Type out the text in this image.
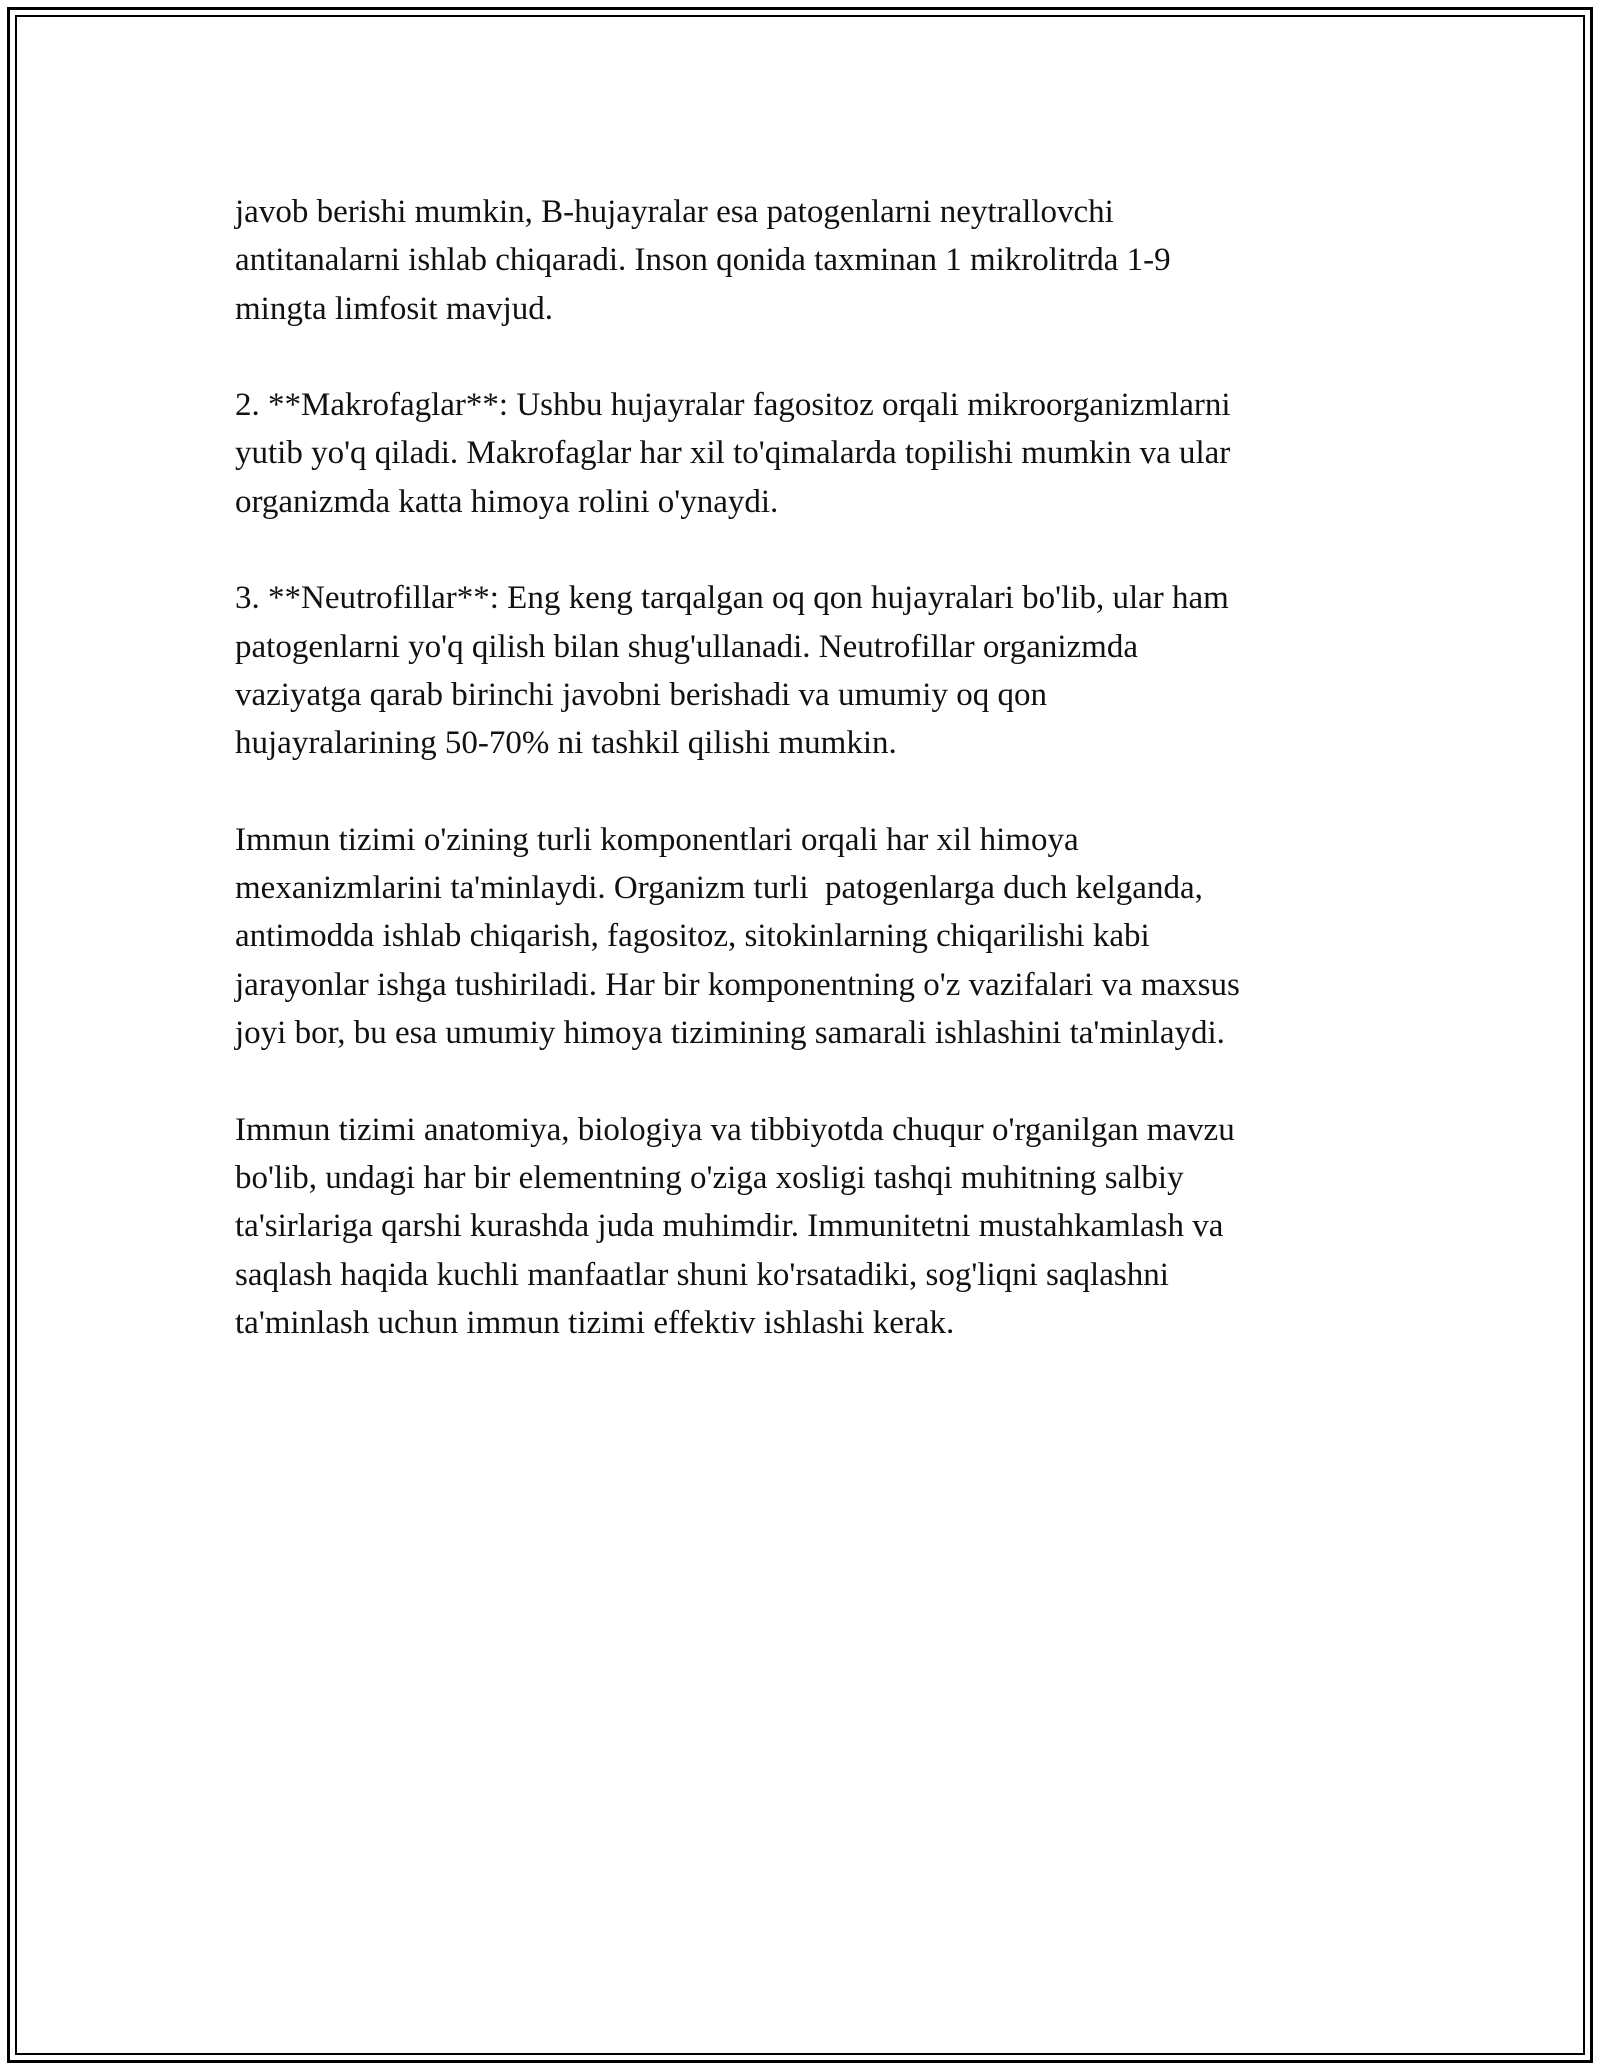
javob berishi mumkin, B-hujayralar esa patogenlarni neytrallovchi
antitanalarni ishlab chiqaradi. Inson qonida taxminan 1 mikrolitrda 1-9
mingta limfosit mavjud.

2. **Makrofaglar**: Ushbu hujayralar fagositoz orqali mikroorganizmlarni
yutib yo'q qiladi. Makrofaglar har xil to'qimalarda topilishi mumkin va ular
organizmda katta himoya rolini o'ynaydi.

3. **Neutrofillar**: Eng keng tarqalgan oq qon hujayralari bo'lib, ular ham
patogenlarni yo'q qilish bilan shug'ullanadi. Neutrofillar organizmda
vaziyatga qarab birinchi javobni berishadi va umumiy oq qon
hujayralarining 50-70% ni tashkil qilishi mumkin.

Immun tizimi o'zining turli komponentlari orqali har xil himoya
mexanizmlarini ta'minlaydi. Organizm turli  patogenlarga duch kelganda,
antimodda ishlab chiqarish, fagositoz, sitokinlarning chiqarilishi kabi
jarayonlar ishga tushiriladi. Har bir komponentning o'z vazifalari va maxsus
joyi bor, bu esa umumiy himoya tizimining samarali ishlashini ta'minlaydi.

Immun tizimi anatomiya, biologiya va tibbiyotda chuqur o'rganilgan mavzu
bo'lib, undagi har bir elementning o'ziga xosligi tashqi muhitning salbiy
ta'sirlariga qarshi kurashda juda muhimdir. Immunitetni mustahkamlash va
saqlash haqida kuchli manfaatlar shuni ko'rsatadiki, sog'liqni saqlashni
ta'minlash uchun immun tizimi effektiv ishlashi kerak.
